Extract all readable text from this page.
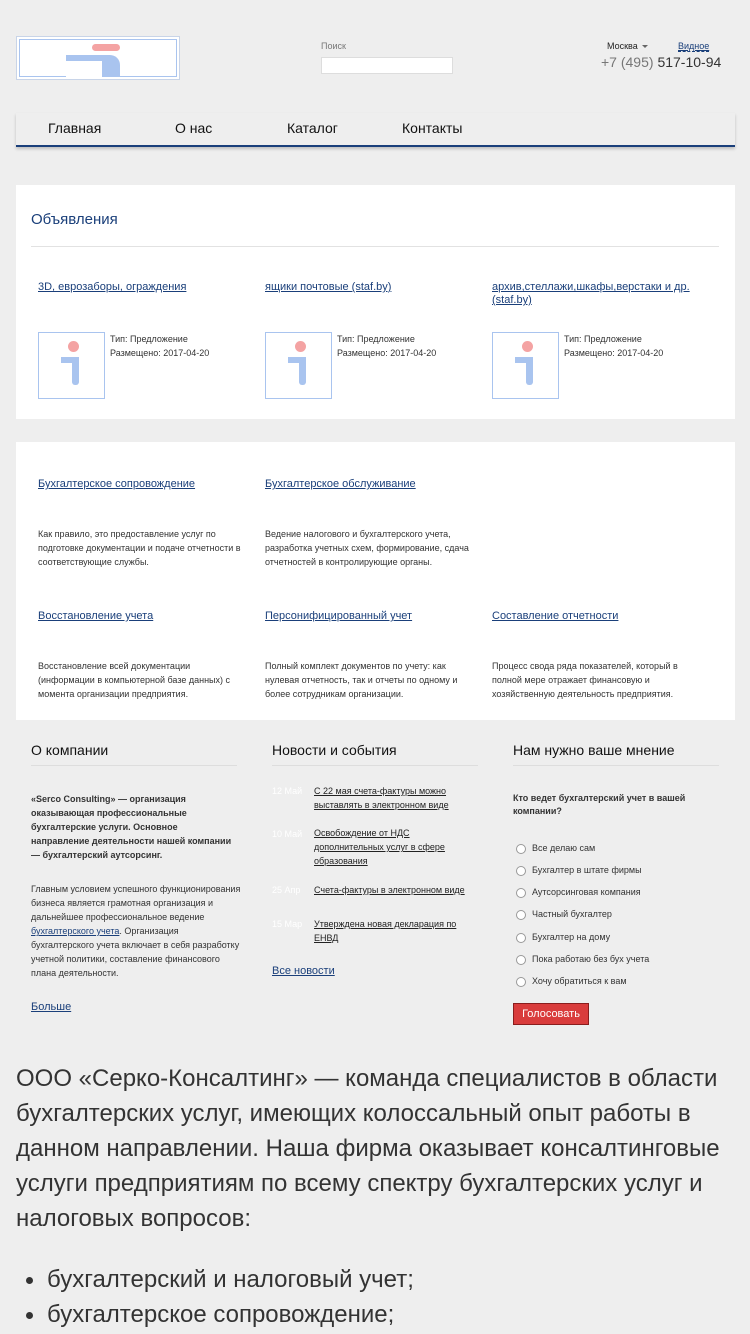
Поиск	Москва	Видное
+7 (495) 517-10-94
Главная	О нас	Каталог	Контакты
Объявления
3D, еврозаборы, ограждения
Тип: Предложение
Размещено: 2017-04-20
ящики почтовые (staf.by)
Тип: Предложение
Размещено: 2017-04-20
архив,стеллажи,шкафы,верстаки и др. (staf.by)
Тип: Предложение
Размещено: 2017-04-20
Бухгалтерское сопровождение
Как правило, это предоставление услуг по подготовке документации и подаче отчетности в соответствующие службы.
Бухгалтерское обслуживание
Ведение налогового и бухгалтерского учета, разработка учетных схем, формирование, сдача отчетностей в контролирующие органы.
Восстановление учета
Восстановление всей документации (информации в компьютерной базе данных) с момента организации предприятия.
Персонифицированный учет
Полный комплект документов по учету: как нулевая отчетность, так и отчеты по одному и более сотрудникам организации.
Составление отчетности
Процесс свода ряда показателей, который в полной мере отражает финансовую и хозяйственную деятельность предприятия.
О компании
«Serco Consulting» — организация оказывающая профессиональные бухгалтерские услуги. Основное направление деятельности нашей компании — бухгалтерский аутсорсинг.
Главным условием успешного функционирования бизнеса является грамотная организация и дальнейшее профессиональное ведение бухгалтерского учета. Организация бухгалтерского учета включает в себя разработку учетной политики, составление финансового плана деятельности.
Больше
Новости и события
12 Май С 22 мая счета-фактуры можно выставлять в электронном виде
10 Май Освобождение от НДС дополнительных услуг в сфере образования
25 Апр Счета-фактуры в электронном виде
15 Мар Утверждена новая декларация по ЕНВД
Все новости
Нам нужно ваше мнение
Кто ведет бухгалтерский учет в вашей компании?
Все делаю сам
Бухгалтер в штате фирмы
Аутсорсинговая компания
Частный бухгалтер
Бухгалтер на дому
Пока работаю без бух учета
Хочу обратиться к вам
Голосовать
ООО «Серко-Консалтинг» — команда специалистов в области бухгалтерских услуг, имеющих колоссальный опыт работы в данном направлении. Наша фирма оказывает консалтинговые услуги предприятиям по всему спектру бухгалтерских услуг и налоговых вопросов:
бухгалтерский и налоговый учет;
бухгалтерское сопровождение;
